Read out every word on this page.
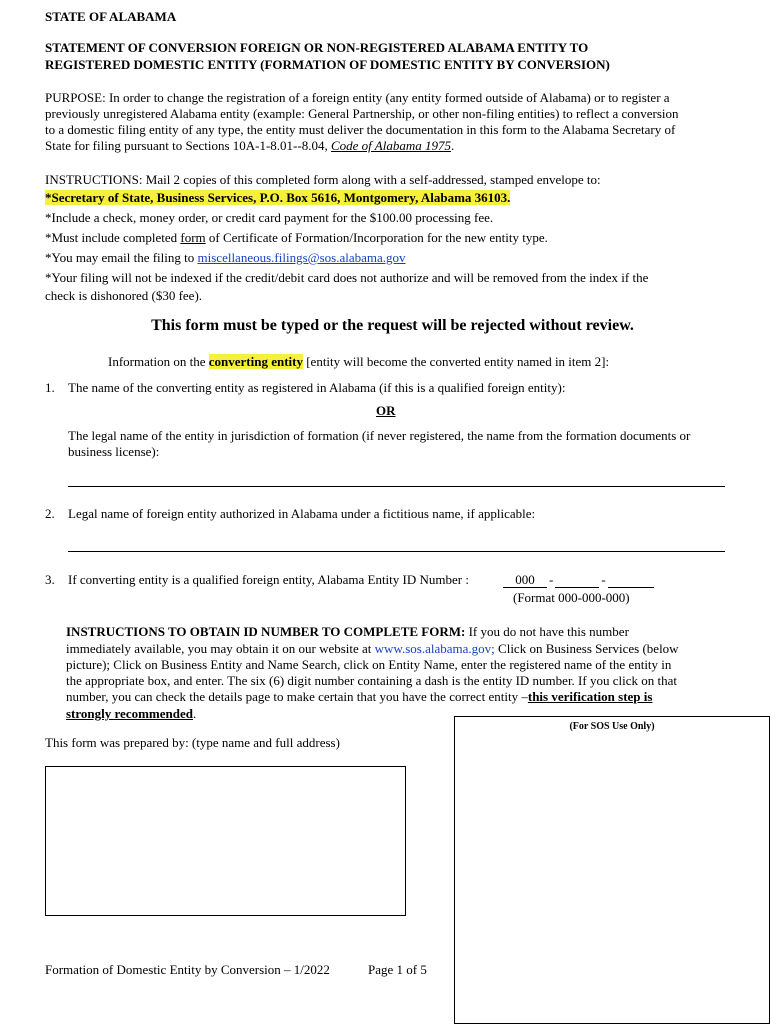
STATE OF ALABAMA
STATEMENT OF CONVERSION FOREIGN OR NON-REGISTERED ALABAMA ENTITY TO
REGISTERED DOMESTIC ENTITY (FORMATION OF DOMESTIC ENTITY BY CONVERSION)
PURPOSE: In order to change the registration of a foreign entity (any entity formed outside of Alabama) or to register a
previously unregistered Alabama entity (example: General Partnership, or other non-filing entities) to reflect a conversion
to a domestic filing entity of any type, the entity must deliver the documentation in this form to the Alabama Secretary of
State for filing pursuant to Sections 10A-1-8.01--8.04, Code of Alabama 1975.
INSTRUCTIONS: Mail 2 copies of this completed form along with a self-addressed, stamped envelope to:
*Secretary of State, Business Services, P.O. Box 5616, Montgomery, Alabama 36103.
*Include a check, money order, or credit card payment for the $100.00 processing fee.
*Must include completed form of Certificate of Formation/Incorporation for the new entity type.
*You may email the filing to miscellaneous.filings@sos.alabama.gov
*Your filing will not be indexed if the credit/debit card does not authorize and will be removed from the index if the
check is dishonored ($30 fee).
This form must be typed or the request will be rejected without review.
Information on the converting entity [entity will become the converted entity named in item 2]:
1. The name of the converting entity as registered in Alabama (if this is a qualified foreign entity):
OR
The legal name of the entity in jurisdiction of formation (if never registered, the name from the formation documents or
business license):
2. Legal name of foreign entity authorized in Alabama under a fictitious name, if applicable:
3. If converting entity is a qualified foreign entity, Alabama Entity ID Number :	000 -	-
(Format 000-000-000)
INSTRUCTIONS TO OBTAIN ID NUMBER TO COMPLETE FORM: If you do not have this number
immediately available, you may obtain it on our website at www.sos.alabama.gov; Click on Business Services (below
picture); Click on Business Entity and Name Search, click on Entity Name, enter the registered name of the entity in
the appropriate box, and enter. The six (6) digit number containing a dash is the entity ID number. If you click on that
number, you can check the details page to make certain that you have the correct entity –this verification step is
strongly recommended.
(For SOS Use Only)
This form was prepared by: (type name and full address)
Formation of Domestic Entity by Conversion – 1/2022	Page 1 of 5
